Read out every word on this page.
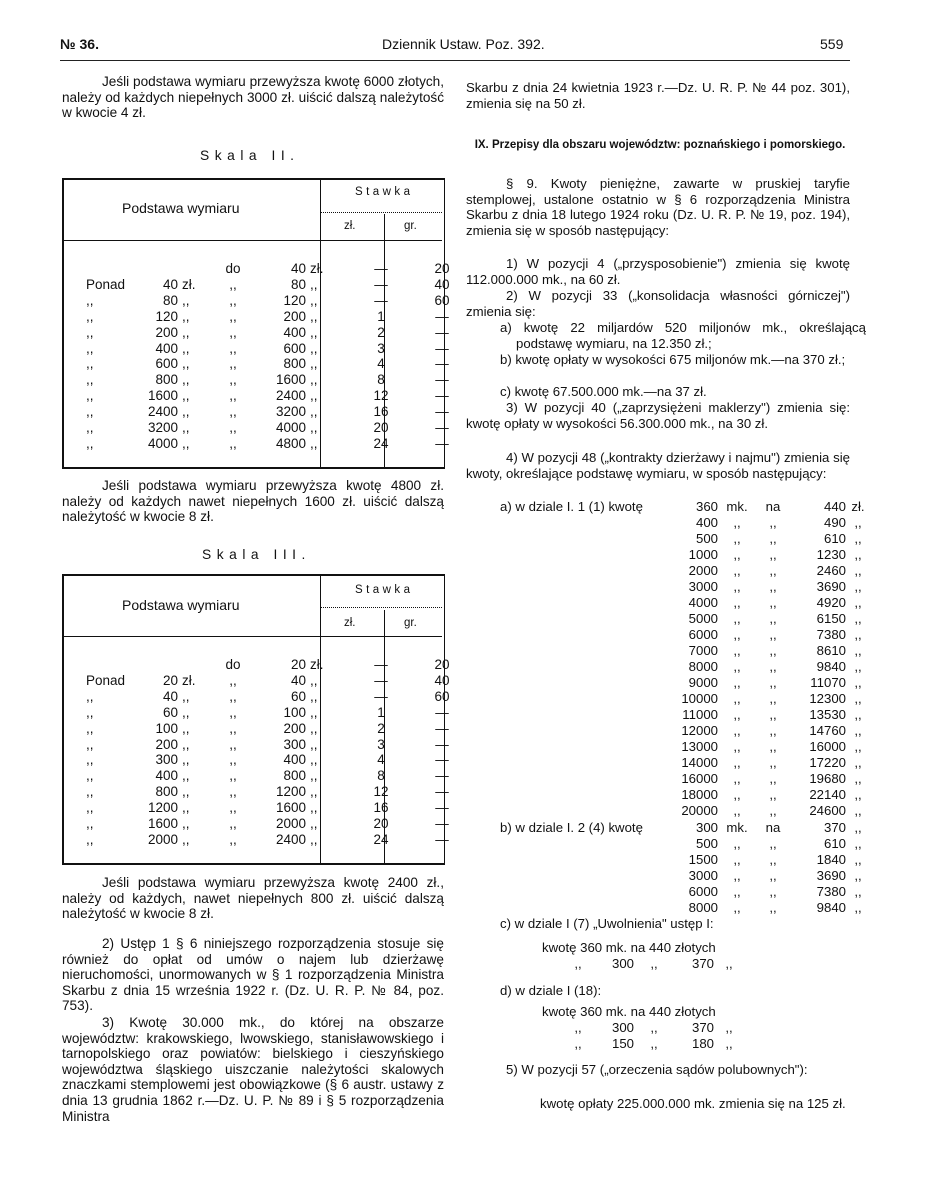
№ 36.	Dziennik Ustaw. Poz. 392.	559
Jeśli podstawa wymiaru przewyższa kwotę 6000 złotych, należy od każdych niepełnych 3000 zł. uiścić dalszą należytość w kwocie 4 zł.
Skala II.
Podstawa wymiaru
Stawka
zł.	gr.
			do	40	zł.	—	20
Ponad	40	zł.	,,	80	,,	—	40
,,	80	,,	,,	120	,,	—	60
,,	120	,,	,,	200	,,	1	—
,,	200	,,	,,	400	,,	2	—
,,	400	,,	,,	600	,,	3	—
,,	600	,,	,,	800	,,	4	—
,,	800	,,	,,	1600	,,	8	—
,,	1600	,,	,,	2400	,,	12	—
,,	2400	,,	,,	3200	,,	16	—
,,	3200	,,	,,	4000	,,	20	—
,,	4000	,,	,,	4800	,,	24	—
Jeśli podstawa wymiaru przewyższa kwotę 4800 zł. należy od każdych nawet niepełnych 1600 zł. uiścić dalszą należytość w kwocie 8 zł.
Skala III.
Podstawa wymiaru
Stawka
zł.	gr.
			do	20	zł.	—	20
Ponad	20	zł.	,,	40	,,	—	40
,,	40	,,	,,	60	,,	—	60
,,	60	,,	,,	100	,,	1	—
,,	100	,,	,,	200	,,	2	—
,,	200	,,	,,	300	,,	3	—
,,	300	,,	,,	400	,,	4	—
,,	400	,,	,,	800	,,	8	—
,,	800	,,	,,	1200	,,	12	—
,,	1200	,,	,,	1600	,,	16	—
,,	1600	,,	,,	2000	,,	20	—
,,	2000	,,	,,	2400	,,	24	—
Jeśli podstawa wymiaru przewyższa kwotę 2400 zł., należy od każdych, nawet niepełnych 800 zł. uiścić dalszą należytość w kwocie 8 zł.
2) Ustęp 1 § 6 niniejszego rozporządzenia stosuje się również do opłat od umów o najem lub dzierżawę nieruchomości, unormowanych w § 1 rozporządzenia Ministra Skarbu z dnia 15 września 1922 r. (Dz. U. R. P. № 84, poz. 753).
3) Kwotę 30.000 mk., do której na obszarze województw: krakowskiego, lwowskiego, stanisławowskiego i tarnopolskiego oraz powiatów: bielskiego i cieszyńskiego województwa śląskiego uiszczanie należytości skalowych znaczkami stemplowemi jest obowiązkowe (§ 6 austr. ustawy z dnia 13 grudnia 1862 r.—Dz. U. P. № 89 i § 5 rozporządzenia Ministra
Skarbu z dnia 24 kwietnia 1923 r.—Dz. U. R. P. № 44 poz. 301), zmienia się na 50 zł.
IX. Przepisy dla obszaru województw: poznańskiego i pomorskiego.
§ 9. Kwoty pieniężne, zawarte w pruskiej taryfie stemplowej, ustalone ostatnio w § 6 rozporządzenia Ministra Skarbu z dnia 18 lutego 1924 roku (Dz. U. R. P. № 19, poz. 194), zmienia się w sposób następujący:
1) W pozycji 4 („przysposobienie") zmienia się kwotę 112.000.000 mk., na 60 zł.
2) W pozycji 33 („konsolidacja własności górniczej") zmienia się:
a) kwotę 22 miljardów 520 miljonów mk., określającą podstawę wymiaru, na 12.350 zł.;
b) kwotę opłaty w wysokości 675 miljonów mk.—na 370 zł.;
c) kwotę 67.500.000 mk.—na 37 zł.
3) W pozycji 40 („zaprzysiężeni maklerzy") zmienia się: kwotę opłaty w wysokości 56.300.000 mk., na 30 zł.
4) W pozycji 48 („kontrakty dzierżawy i najmu") zmienia się kwoty, określające podstawę wymiaru, w sposób następujący:
a) w dziale I. 1 (1) kwotę	360	mk.	na	440	zł.
400	,,	,,	490	,,
500	,,	,,	610	,,
1000	,,	,,	1230	,,
2000	,,	,,	2460	,,
3000	,,	,,	3690	,,
4000	,,	,,	4920	,,
5000	,,	,,	6150	,,
6000	,,	,,	7380	,,
7000	,,	,,	8610	,,
8000	,,	,,	9840	,,
9000	,,	,,	11070	,,
10000	,,	,,	12300	,,
11000	,,	,,	13530	,,
12000	,,	,,	14760	,,
13000	,,	,,	16000	,,
14000	,,	,,	17220	,,
16000	,,	,,	19680	,,
18000	,,	,,	22140	,,
20000	,,	,,	24600	,,
b) w dziale I. 2 (4) kwotę	300	mk.	na	370	,,
500	,,	,,	610	,,
1500	,,	,,	1840	,,
3000	,,	,,	3690	,,
6000	,,	,,	7380	,,
8000	,,	,,	9840	,,
c) w dziale I (7) „Uwolnienia" ustęp I:
kwotę 360 mk. na 440 złotych
,,	300	,,	370	,,
d) w dziale I (18):
kwotę 360 mk. na 440 złotych
,,	300	,,	370	,,
,,	150	,,	180	,,
5) W pozycji 57 („orzeczenia sądów polubownych"):
kwotę opłaty 225.000.000 mk. zmienia się na 125 zł.
